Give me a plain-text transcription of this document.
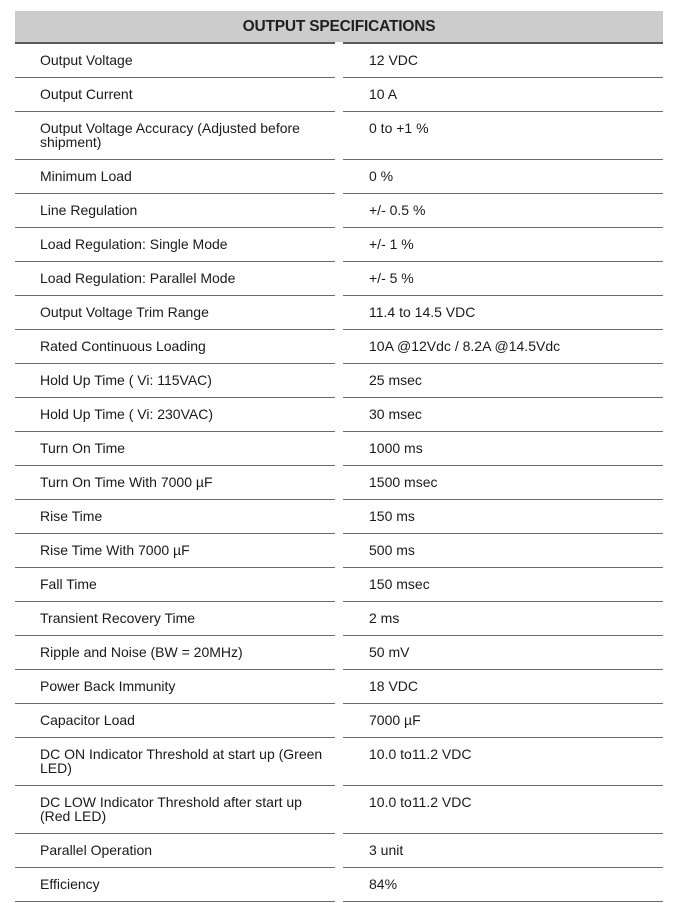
OUTPUT SPECIFICATIONS	
Output Voltage	12 VDC
Output Current	10 A
Output Voltage Accuracy (Adjusted before shipment)	0 to +1 %
Minimum Load	0 %
Line Regulation	+/- 0.5 %
Load Regulation: Single Mode	+/- 1 %
Load Regulation: Parallel Mode	+/- 5 %
Output Voltage Trim Range	11.4 to 14.5 VDC
Rated Continuous Loading	10A @12Vdc / 8.2A @14.5Vdc
Hold Up Time ( Vi: 115VAC)	25 msec
Hold Up Time ( Vi: 230VAC)	30 msec
Turn On Time	1000 ms
Turn On Time With 7000 µF	1500 msec
Rise Time	150 ms
Rise Time With 7000 µF	500 ms
Fall Time	150 msec
Transient Recovery Time	2 ms
Ripple and Noise (BW = 20MHz)	50 mV
Power Back Immunity	18 VDC
Capacitor Load	7000 µF
DC ON Indicator Threshold at start up (Green LED)	10.0 to11.2 VDC
DC LOW Indicator Threshold after start up (Red LED)	10.0 to11.2 VDC
Parallel Operation	3 unit
Efficiency	84%
